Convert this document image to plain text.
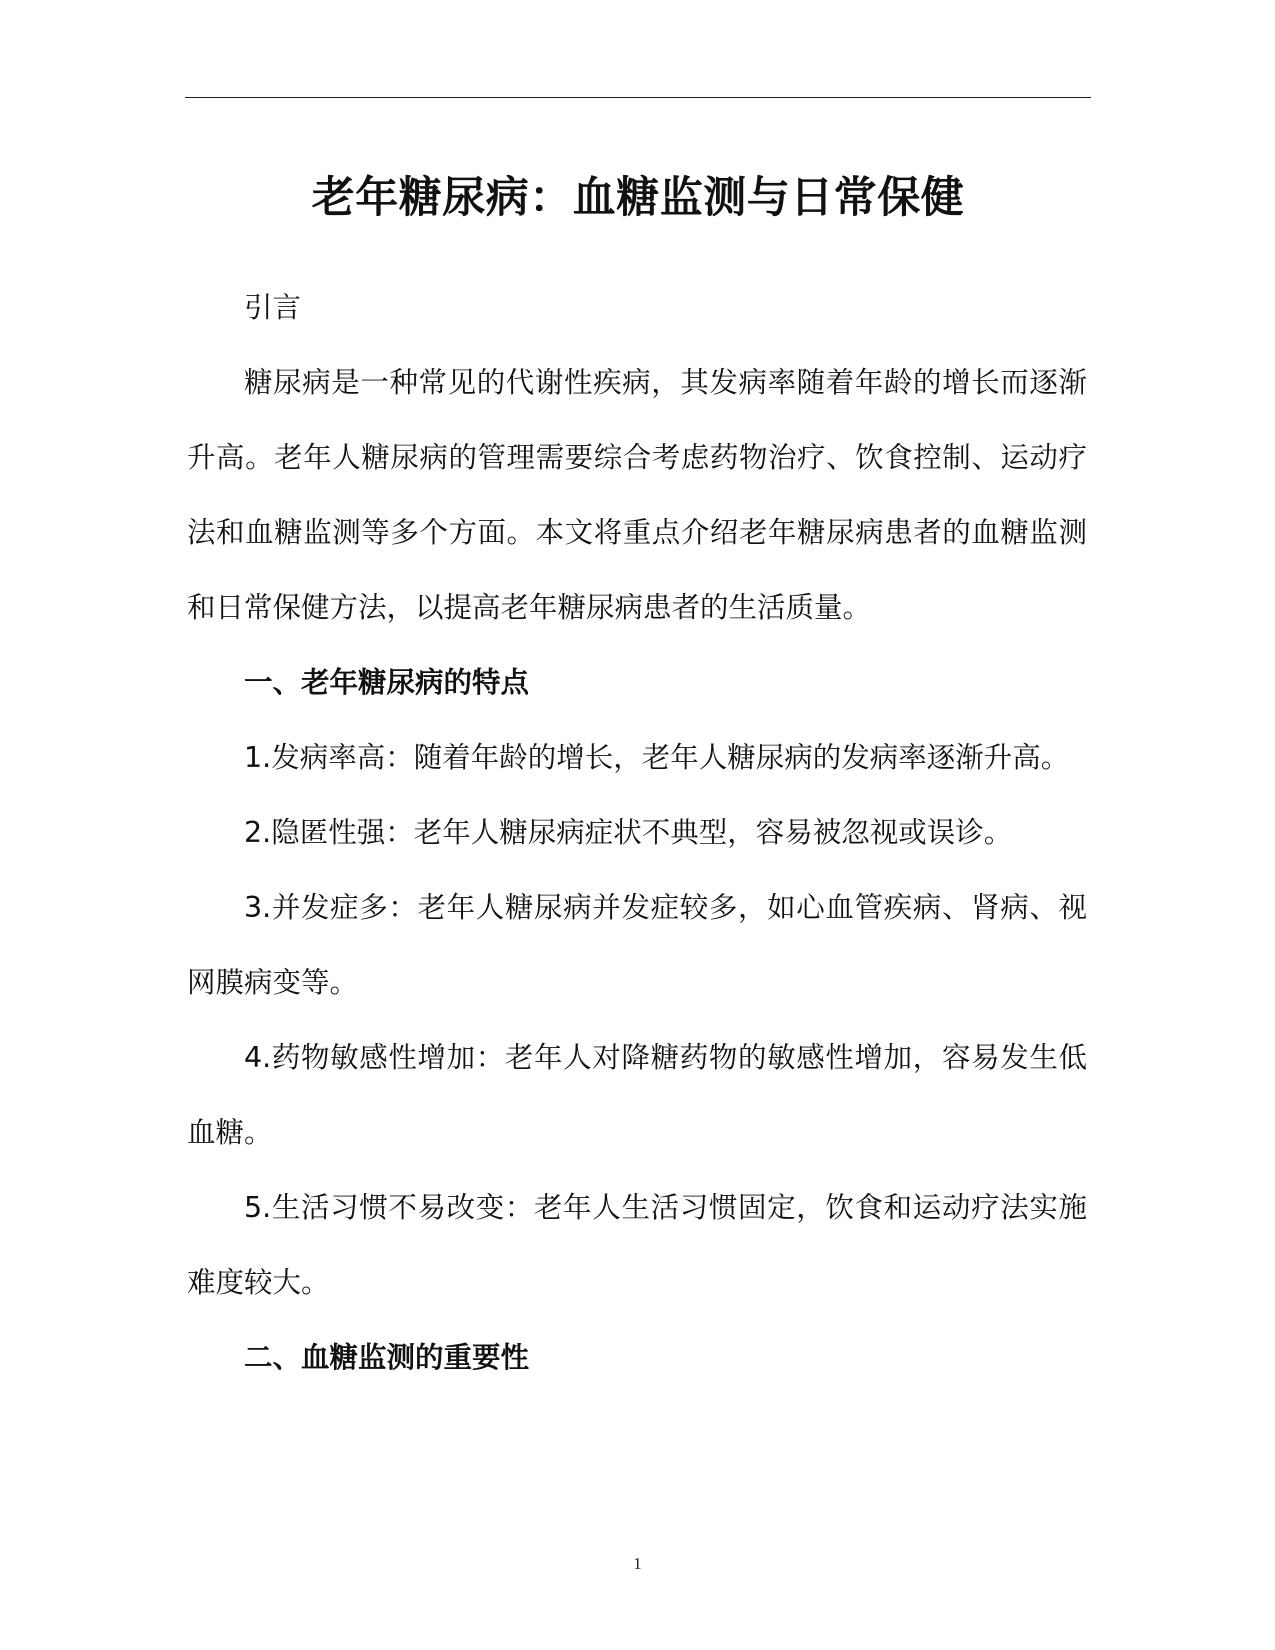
老年糖尿病：血糖监测与日常保健

引言

糖尿病是一种常见的代谢性疾病，其发病率随着年龄的增长而逐渐升高。老年人糖尿病的管理需要综合考虑药物治疗、饮食控制、运动疗法和血糖监测等多个方面。本文将重点介绍老年糖尿病患者的血糖监测和日常保健方法，以提高老年糖尿病患者的生活质量。

一、老年糖尿病的特点

1.发病率高：随着年龄的增长，老年人糖尿病的发病率逐渐升高。

2.隐匿性强：老年人糖尿病症状不典型，容易被忽视或误诊。

3.并发症多：老年人糖尿病并发症较多，如心血管疾病、肾病、视网膜病变等。

4.药物敏感性增加：老年人对降糖药物的敏感性增加，容易发生低血糖。

5.生活习惯不易改变：老年人生活习惯固定，饮食和运动疗法实施难度较大。

二、血糖监测的重要性

1
